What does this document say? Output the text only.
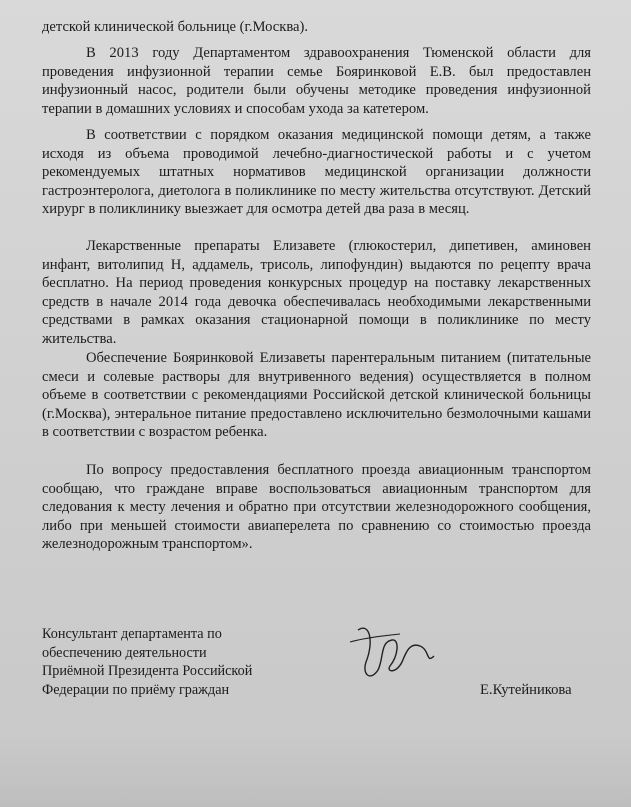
детской клинической больнице (г.Москва).

В 2013 году Департаментом здравоохранения Тюменской области для проведения инфузионной терапии семье Бояринковой Е.В. был предоставлен инфузионный насос, родители были обучены методике проведения инфузионной терапии в домашних условиях и способам ухода за катетером.

В соответствии с порядком оказания медицинской помощи детям, а также исходя из объема проводимой лечебно-диагностической работы и с учетом рекомендуемых штатных нормативов медицинской организации должности гастроэнтеролога, диетолога в поликлинике по месту жительства отсутствуют. Детский хирург в поликлинику выезжает для осмотра детей два раза в месяц.

Лекарственные препараты Елизавете (глюкостерил, дипетивен, аминовен инфант, витолипид Н, аддамель, трисоль, липофундин) выдаются по рецепту врача бесплатно. На период проведения конкурсных процедур на поставку лекарственных средств в начале 2014 года девочка обеспечивалась необходимыми лекарственными средствами в рамках оказания стационарной помощи в поликлинике по месту жительства.

Обеспечение Бояринковой Елизаветы парентеральным питанием (питательные смеси и солевые растворы для внутривенного ведения) осуществляется в полном объеме в соответствии с рекомендациями Российской детской клинической больницы (г.Москва), энтеральное питание предоставлено исключительно безмолочными кашами в соответствии с возрастом ребенка.

По вопросу предоставления бесплатного проезда авиационным транспортом сообщаю, что граждане вправе воспользоваться авиационным транспортом для следования к месту лечения и обратно при отсутствии железнодорожного сообщения, либо при меньшей стоимости авиаперелета по сравнению со стоимостью проезда железнодорожным транспортом».

Консультант департамента по
обеспечению деятельности
Приёмной Президента Российской
Федерации по приёму граждан	Е.Кутейникова
